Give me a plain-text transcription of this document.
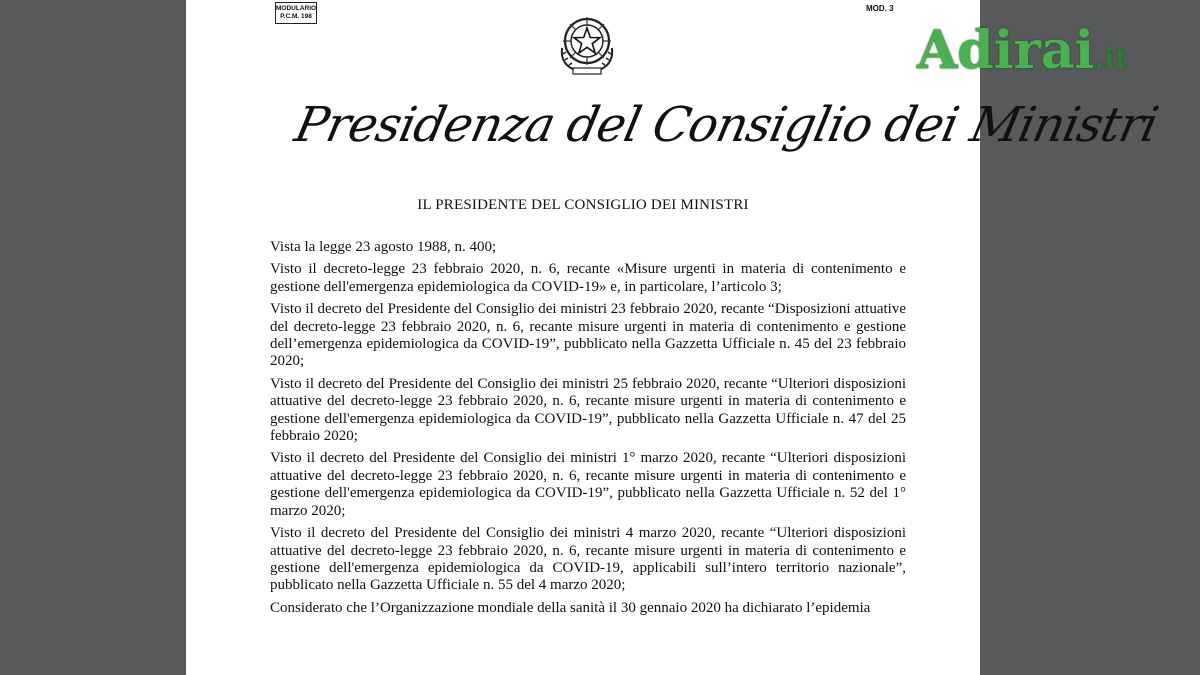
MODULARIO
P.C.M. 198
MOD. 3
Presidenza del Consiglio dei Ministri
IL PRESIDENTE DEL CONSIGLIO DEI MINISTRI

Vista la legge 23 agosto 1988, n. 400;

Visto il decreto-legge 23 febbraio 2020, n. 6, recante «Misure urgenti in materia di contenimento e gestione dell'emergenza epidemiologica da COVID-19» e, in particolare, l’articolo 3;

Visto il decreto del Presidente del Consiglio dei ministri 23 febbraio 2020, recante “Disposizioni attuative del decreto-legge 23 febbraio 2020, n. 6, recante misure urgenti in materia di contenimento e gestione dell’emergenza epidemiologica da COVID-19”, pubblicato nella Gazzetta Ufficiale n. 45 del 23 febbraio 2020;

Visto il decreto del Presidente del Consiglio dei ministri 25 febbraio 2020, recante “Ulteriori disposizioni attuative del decreto-legge 23 febbraio 2020, n. 6, recante misure urgenti in materia di contenimento e gestione dell'emergenza epidemiologica da COVID-19”, pubblicato nella Gazzetta Ufficiale n. 47 del 25 febbraio 2020;

Visto il decreto del Presidente del Consiglio dei ministri 1° marzo 2020, recante “Ulteriori disposizioni attuative del decreto-legge 23 febbraio 2020, n. 6, recante misure urgenti in materia di contenimento e gestione dell'emergenza epidemiologica da COVID-19”, pubblicato nella Gazzetta Ufficiale n. 52 del 1° marzo 2020;

Visto il decreto del Presidente del Consiglio dei ministri 4 marzo 2020, recante “Ulteriori disposizioni attuative del decreto-legge 23 febbraio 2020, n. 6, recante misure urgenti in materia di contenimento e gestione dell'emergenza epidemiologica da COVID-19, applicabili sull’intero territorio nazionale”, pubblicato nella Gazzetta Ufficiale n. 55 del 4 marzo 2020;

Considerato che l’Organizzazione mondiale della sanità il 30 gennaio 2020 ha dichiarato l’epidemia

Adirai.it
